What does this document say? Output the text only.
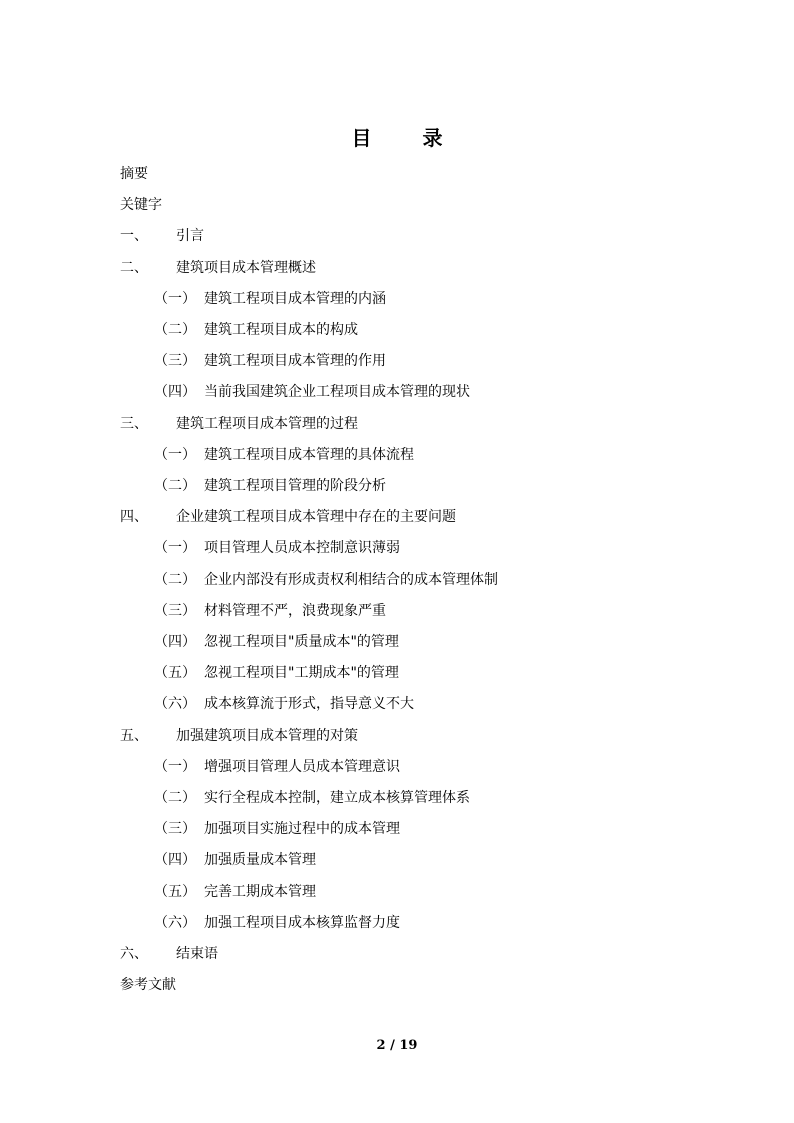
目 录
摘要
关键字
一、 引言
二、 建筑项目成本管理概述
（一） 建筑工程项目成本管理的内涵
（二） 建筑工程项目成本的构成
（三） 建筑工程项目成本管理的作用
（四） 当前我国建筑企业工程项目成本管理的现状
三、 建筑工程项目成本管理的过程
（一） 建筑工程项目成本管理的具体流程
（二） 建筑工程项目管理的阶段分析
四、 企业建筑工程项目成本管理中存在的主要问题
（一） 项目管理人员成本控制意识薄弱
（二） 企业内部没有形成责权利相结合的成本管理体制
（三） 材料管理不严，浪费现象严重
（四） 忽视工程项目"质量成本"的管理
（五） 忽视工程项目"工期成本"的管理
（六） 成本核算流于形式，指导意义不大
五、 加强建筑项目成本管理的对策
（一） 增强项目管理人员成本管理意识
（二） 实行全程成本控制，建立成本核算管理体系
（三） 加强项目实施过程中的成本管理
（四） 加强质量成本管理
（五） 完善工期成本管理
（六） 加强工程项目成本核算监督力度
六、 结束语
参考文献
2 / 19
